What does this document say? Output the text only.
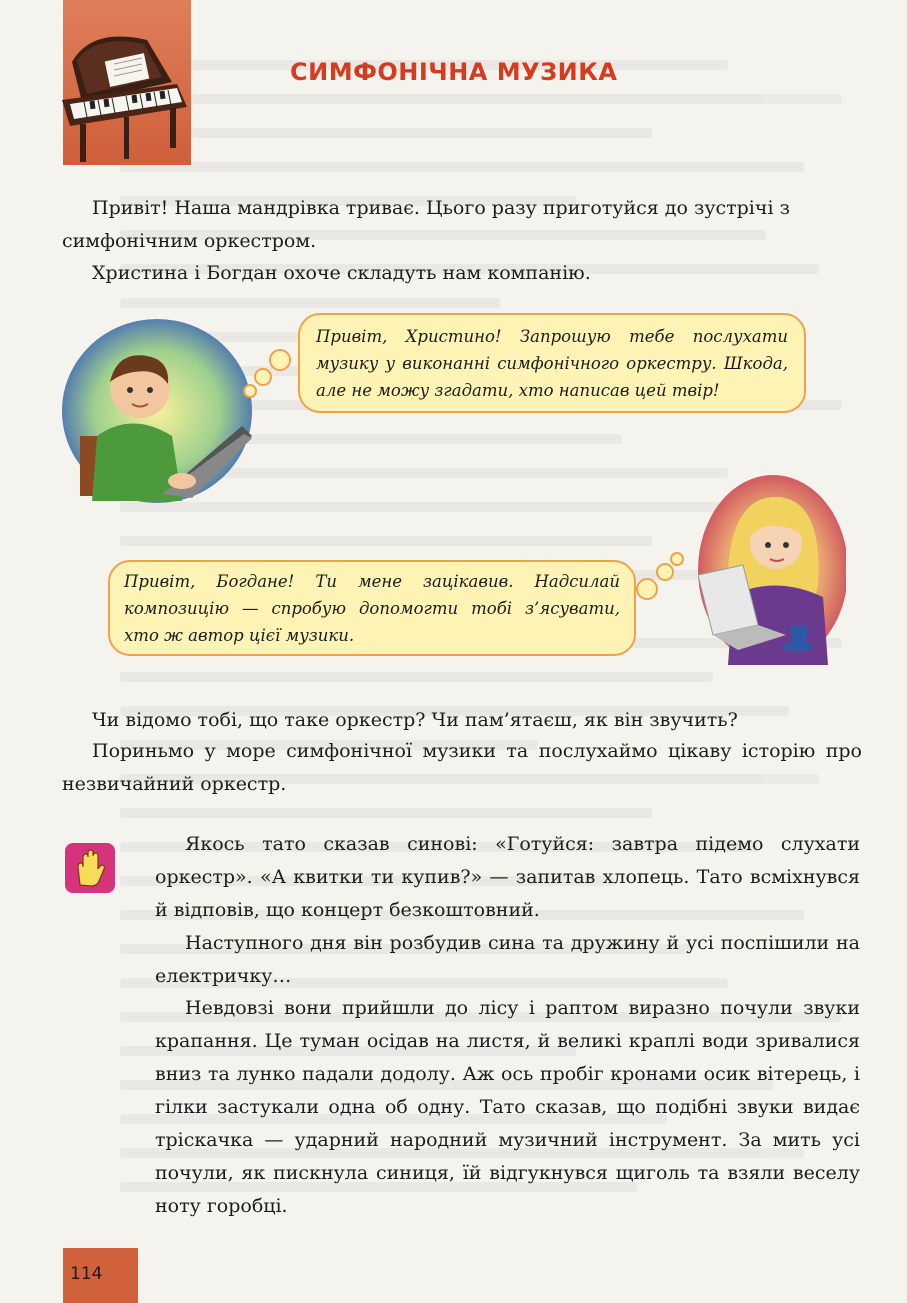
СИМФОНІЧНА МУЗИКА

Привіт! Наша мандрівка триває. Цього разу приготуйся до зустрічі з симфонічним оркестром.

Христина і Богдан охоче складуть нам компанію.

Привіт, Христино! Запрошую тебе послухати музику у виконанні симфонічного оркестру. Шкода, але не можу згадати, хто написав цей твір!
Привіт, Богдане! Ти мене зацікавив. Надсилай композицію — спробую допомогти тобі з’ясувати, хто ж автор цієї музики.

Чи відомо тобі, що таке оркестр? Чи пам’ятаєш, як він звучить?

Пориньмо у море симфонічної музики та послухаймо цікаву історію про незвичайний оркестр.

Якось тато сказав синові: «Готуйся: завтра підемо слухати оркестр». «А квитки ти купив?» — запитав хлопець. Тато всміхнувся й відповів, що концерт безкоштовний.

Наступного дня він розбудив сина та дружину й усі поспішили на електричку…

Невдовзі вони прийшли до лісу і раптом виразно почули звуки крапання. Це туман осідав на листя, й великі краплі води зривалися вниз та лунко падали додолу. Аж ось пробіг кронами осик вітерець, і гілки застукали одна об одну. Тато сказав, що подібні звуки видає тріскачка — ударний народний музичний інструмент. За мить усі почули, як пискнула синиця, їй відгукнувся щиголь та взяли веселу ноту горобці.

114
